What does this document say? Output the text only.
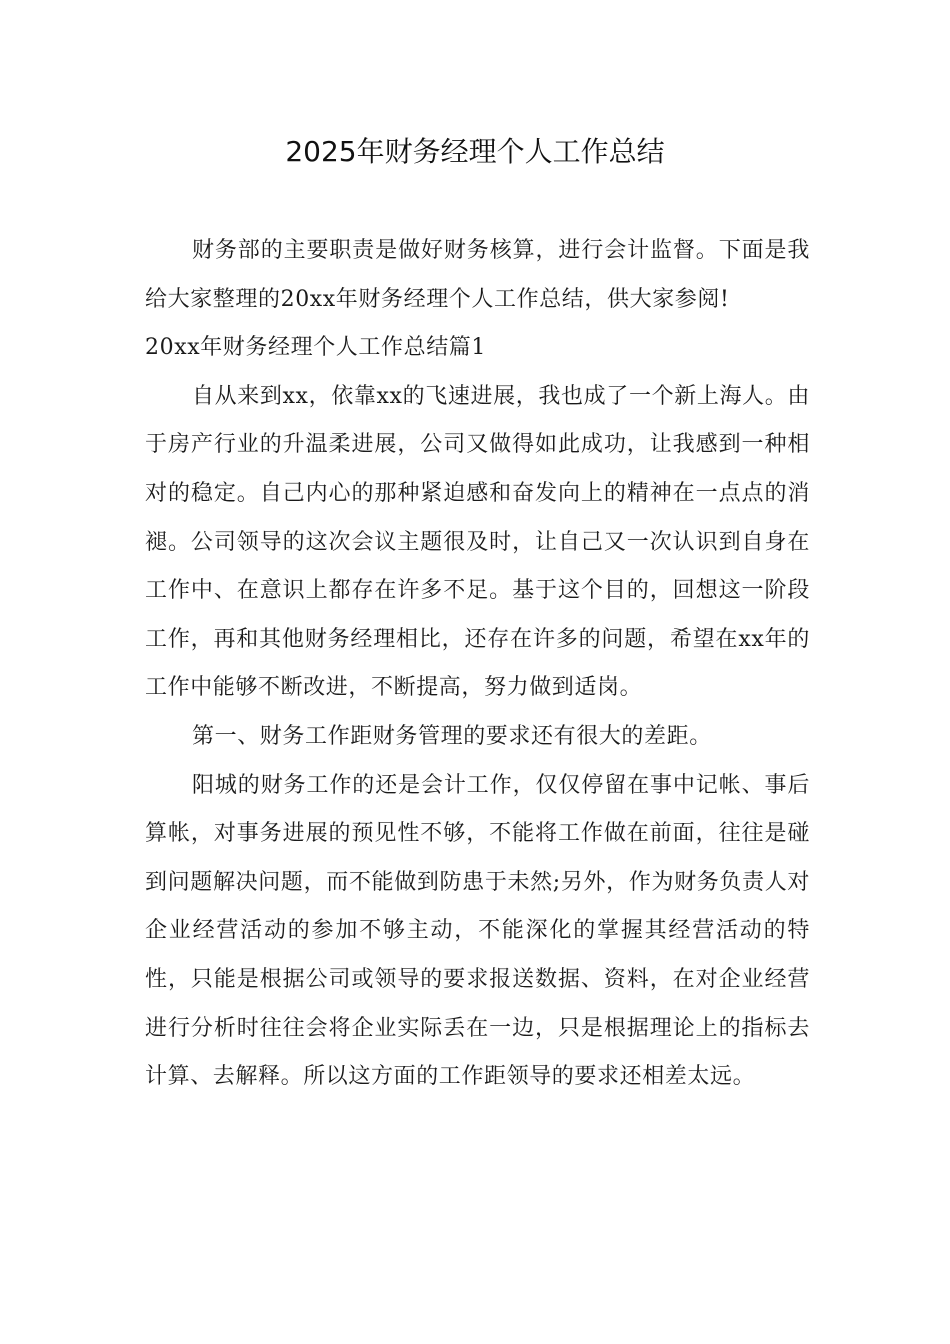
2025年财务经理个人工作总结

财务部的主要职责是做好财务核算，进行会计监督。下面是我给大家整理的20xx年财务经理个人工作总结，供大家参阅!

20xx年财务经理个人工作总结篇1

自从来到xx，依靠xx的飞速进展，我也成了一个新上海人。由于房产行业的升温柔进展，公司又做得如此成功，让我感到一种相对的稳定。自己内心的那种紧迫感和奋发向上的精神在一点点的消褪。公司领导的这次会议主题很及时，让自己又一次认识到自身在工作中、在意识上都存在许多不足。基于这个目的，回想这一阶段工作，再和其他财务经理相比，还存在许多的问题，希望在xx年的工作中能够不断改进，不断提高，努力做到适岗。

第一、财务工作距财务管理的要求还有很大的差距。

阳城的财务工作的还是会计工作，仅仅停留在事中记帐、事后算帐，对事务进展的预见性不够，不能将工作做在前面，往往是碰到问题解决问题，而不能做到防患于未然;另外，作为财务负责人对企业经营活动的参加不够主动，不能深化的掌握其经营活动的特性，只能是根据公司或领导的要求报送数据、资料，在对企业经营进行分析时往往会将企业实际丢在一边，只是根据理论上的指标去计算、去解释。所以这方面的工作距领导的要求还相差太远。
